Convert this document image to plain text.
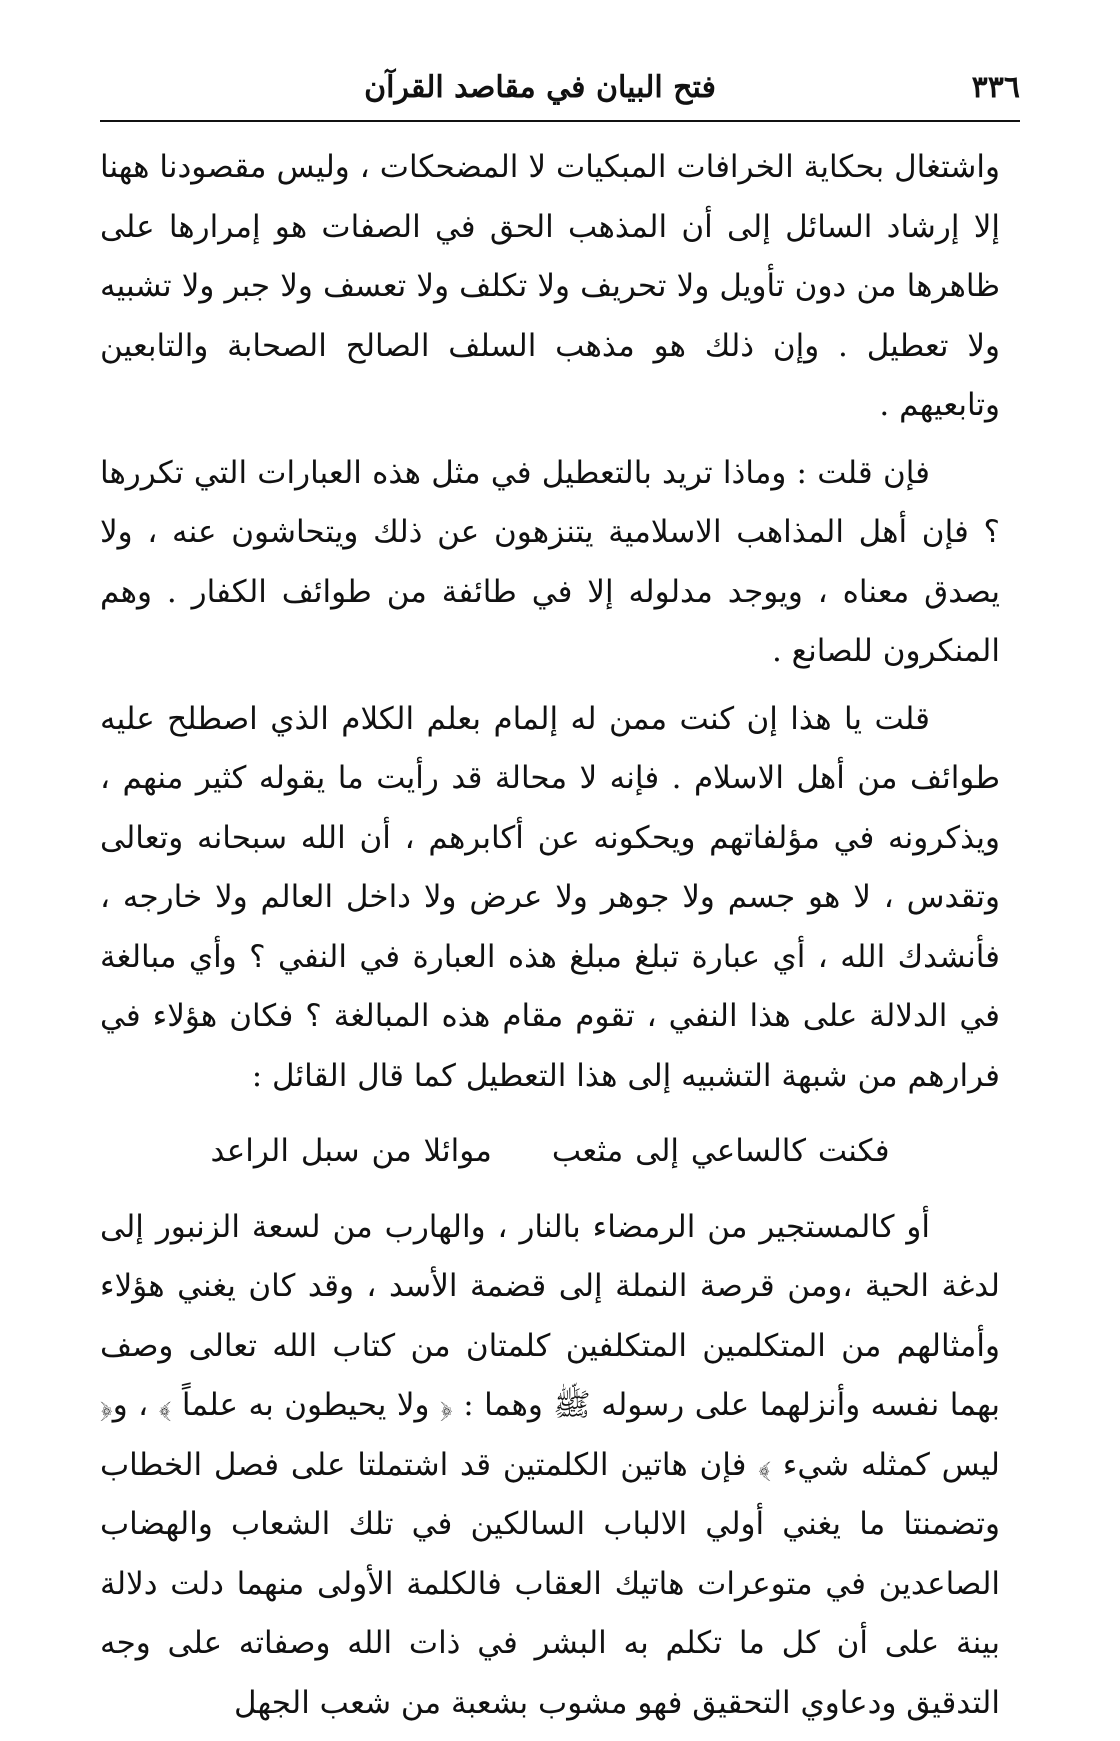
٣٣٦
فتح البيان في مقاصد القرآن

واشتغال بحكاية الخرافات المبكيات لا المضحكات ، وليس مقصودنا ههنا إلا إرشاد السائل إلى أن المذهب الحق في الصفات هو إمرارها على ظاهرها من دون تأويل ولا تحريف ولا تكلف ولا تعسف ولا جبر ولا تشبيه ولا تعطيل . وإن ذلك هو مذهب السلف الصالح الصحابة والتابعين وتابعيهم .

فإن قلت : وماذا تريد بالتعطيل في مثل هذه العبارات التي تكررها ؟ فإن أهل المذاهب الاسلامية يتنزهون عن ذلك ويتحاشون عنه ، ولا يصدق معناه ، ويوجد مدلوله إلا في طائفة من طوائف الكفار . وهم المنكرون للصانع .

قلت يا هذا إن كنت ممن له إلمام بعلم الكلام الذي اصطلح عليه طوائف من أهل الاسلام . فإنه لا محالة قد رأيت ما يقوله كثير منهم ، ويذكرونه في مؤلفاتهم ويحكونه عن أكابرهم ، أن الله سبحانه وتعالى وتقدس ، لا هو جسم ولا جوهر ولا عرض ولا داخل العالم ولا خارجه ، فأنشدك الله ، أي عبارة تبلغ مبلغ هذه العبارة في النفي ؟ وأي مبالغة في الدلالة على هذا النفي ، تقوم مقام هذه المبالغة ؟ فكان هؤلاء في فرارهم من شبهة التشبيه إلى هذا التعطيل كما قال القائل :

فكنت كالساعي إلى مثعبموائلا من سبل الراعد

أو كالمستجير من الرمضاء بالنار ، والهارب من لسعة الزنبور إلى لدغة الحية ،ومن قرصة النملة إلى قضمة الأسد ، وقد كان يغني هؤلاء وأمثالهم من المتكلمين المتكلفين كلمتان من كتاب الله تعالى وصف بهما نفسه وأنزلهما على رسوله ﷺ وهما : ﴿ ولا يحيطون به علماً ﴾ ، و﴿ ليس كمثله شيء ﴾ فإن هاتين الكلمتين قد اشتملتا على فصل الخطاب وتضمنتا ما يغني أولي الالباب السالكين في تلك الشعاب والهضاب الصاعدين في متوعرات هاتيك العقاب فالكلمة الأولى منهما دلت دلالة بينة على أن كل ما تكلم به البشر في ذات الله وصفاته على وجه التدقيق ودعاوي التحقيق فهو مشوب بشعبة من شعب الجهل
